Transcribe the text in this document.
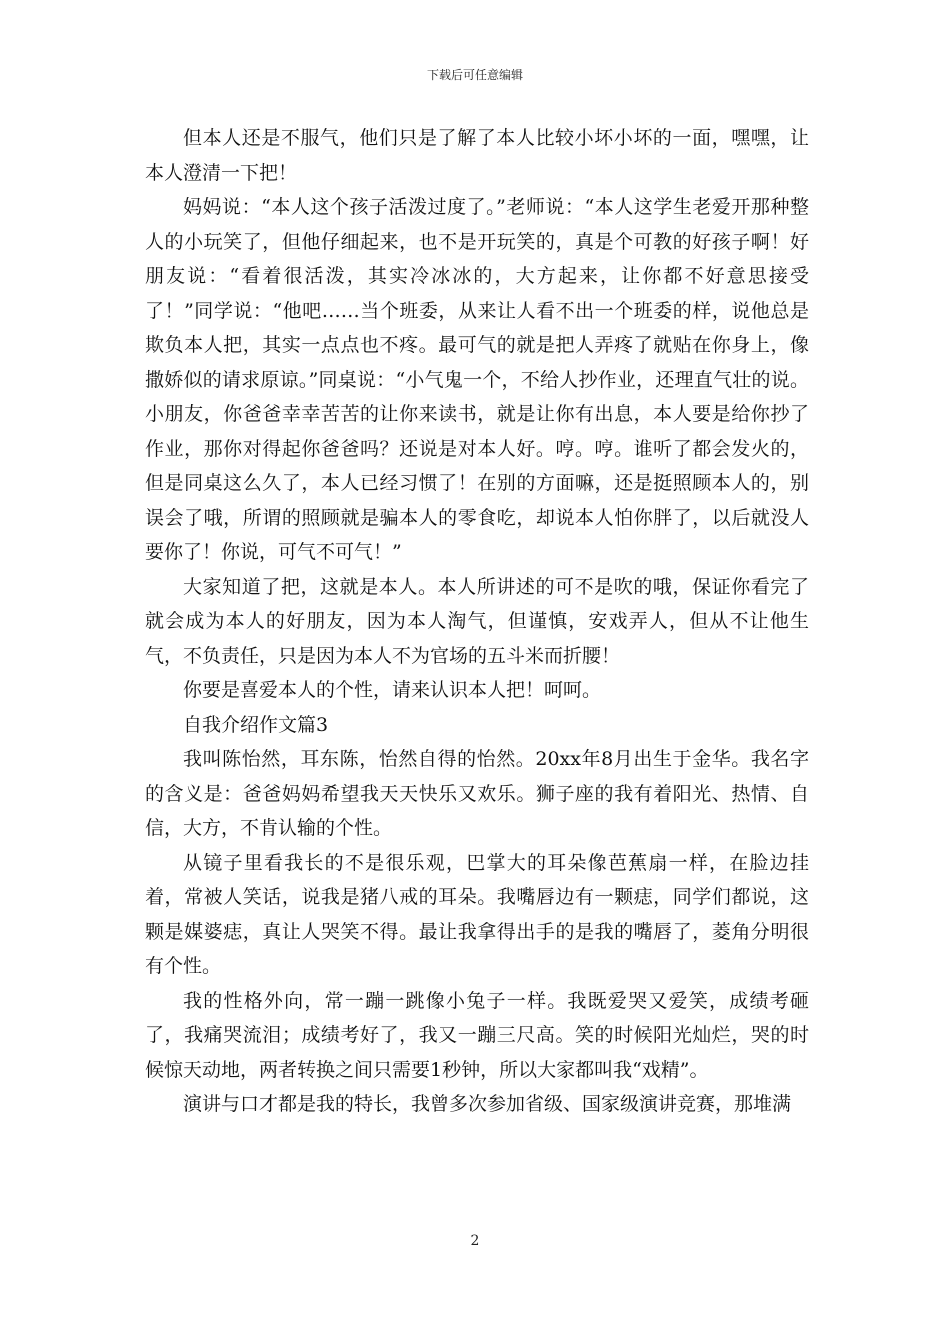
下载后可任意编辑

但本人还是不服气，他们只是了解了本人比较小坏小坏的一面，嘿嘿，让本人澄清一下把！

妈妈说：“本人这个孩子活泼过度了。”老师说：“本人这学生老爱开那种整人的小玩笑了，但他仔细起来，也不是开玩笑的，真是个可教的好孩子啊！好朋友说：“看着很活泼，其实冷冰冰的，大方起来，让你都不好意思接受了！”同学说：“他吧……当个班委，从来让人看不出一个班委的样，说他总是欺负本人把，其实一点点也不疼。最可气的就是把人弄疼了就贴在你身上，像撒娇似的请求原谅。”同桌说：“小气鬼一个，不给人抄作业，还理直气壮的说。小朋友，你爸爸幸幸苦苦的让你来读书，就是让你有出息，本人要是给你抄了作业，那你对得起你爸爸吗？还说是对本人好。哼。哼。谁听了都会发火的，但是同桌这么久了，本人已经习惯了！在别的方面嘛，还是挺照顾本人的，别误会了哦，所谓的照顾就是骗本人的零食吃，却说本人怕你胖了，以后就没人要你了！你说，可气不可气！”

大家知道了把，这就是本人。本人所讲述的可不是吹的哦，保证你看完了就会成为本人的好朋友，因为本人淘气，但谨慎，安戏弄人，但从不让他生气，不负责任，只是因为本人不为官场的五斗米而折腰！

你要是喜爱本人的个性，请来认识本人把！呵呵。

自我介绍作文篇3

我叫陈怡然，耳东陈，怡然自得的怡然。20xx年8月出生于金华。我名字的含义是：爸爸妈妈希望我天天快乐又欢乐。狮子座的我有着阳光、热情、自信，大方，不肯认输的个性。

从镜子里看我长的不是很乐观，巴掌大的耳朵像芭蕉扇一样，在脸边挂着，常被人笑话，说我是猪八戒的耳朵。我嘴唇边有一颗痣，同学们都说，这颗是媒婆痣，真让人哭笑不得。最让我拿得出手的是我的嘴唇了，菱角分明很有个性。

我的性格外向，常一蹦一跳像小兔子一样。我既爱哭又爱笑，成绩考砸了，我痛哭流泪；成绩考好了，我又一蹦三尺高。笑的时候阳光灿烂，哭的时候惊天动地，两者转换之间只需要1秒钟，所以大家都叫我“戏精”。

演讲与口才都是我的特长，我曾多次参加省级、国家级演讲竞赛，那堆满

2
